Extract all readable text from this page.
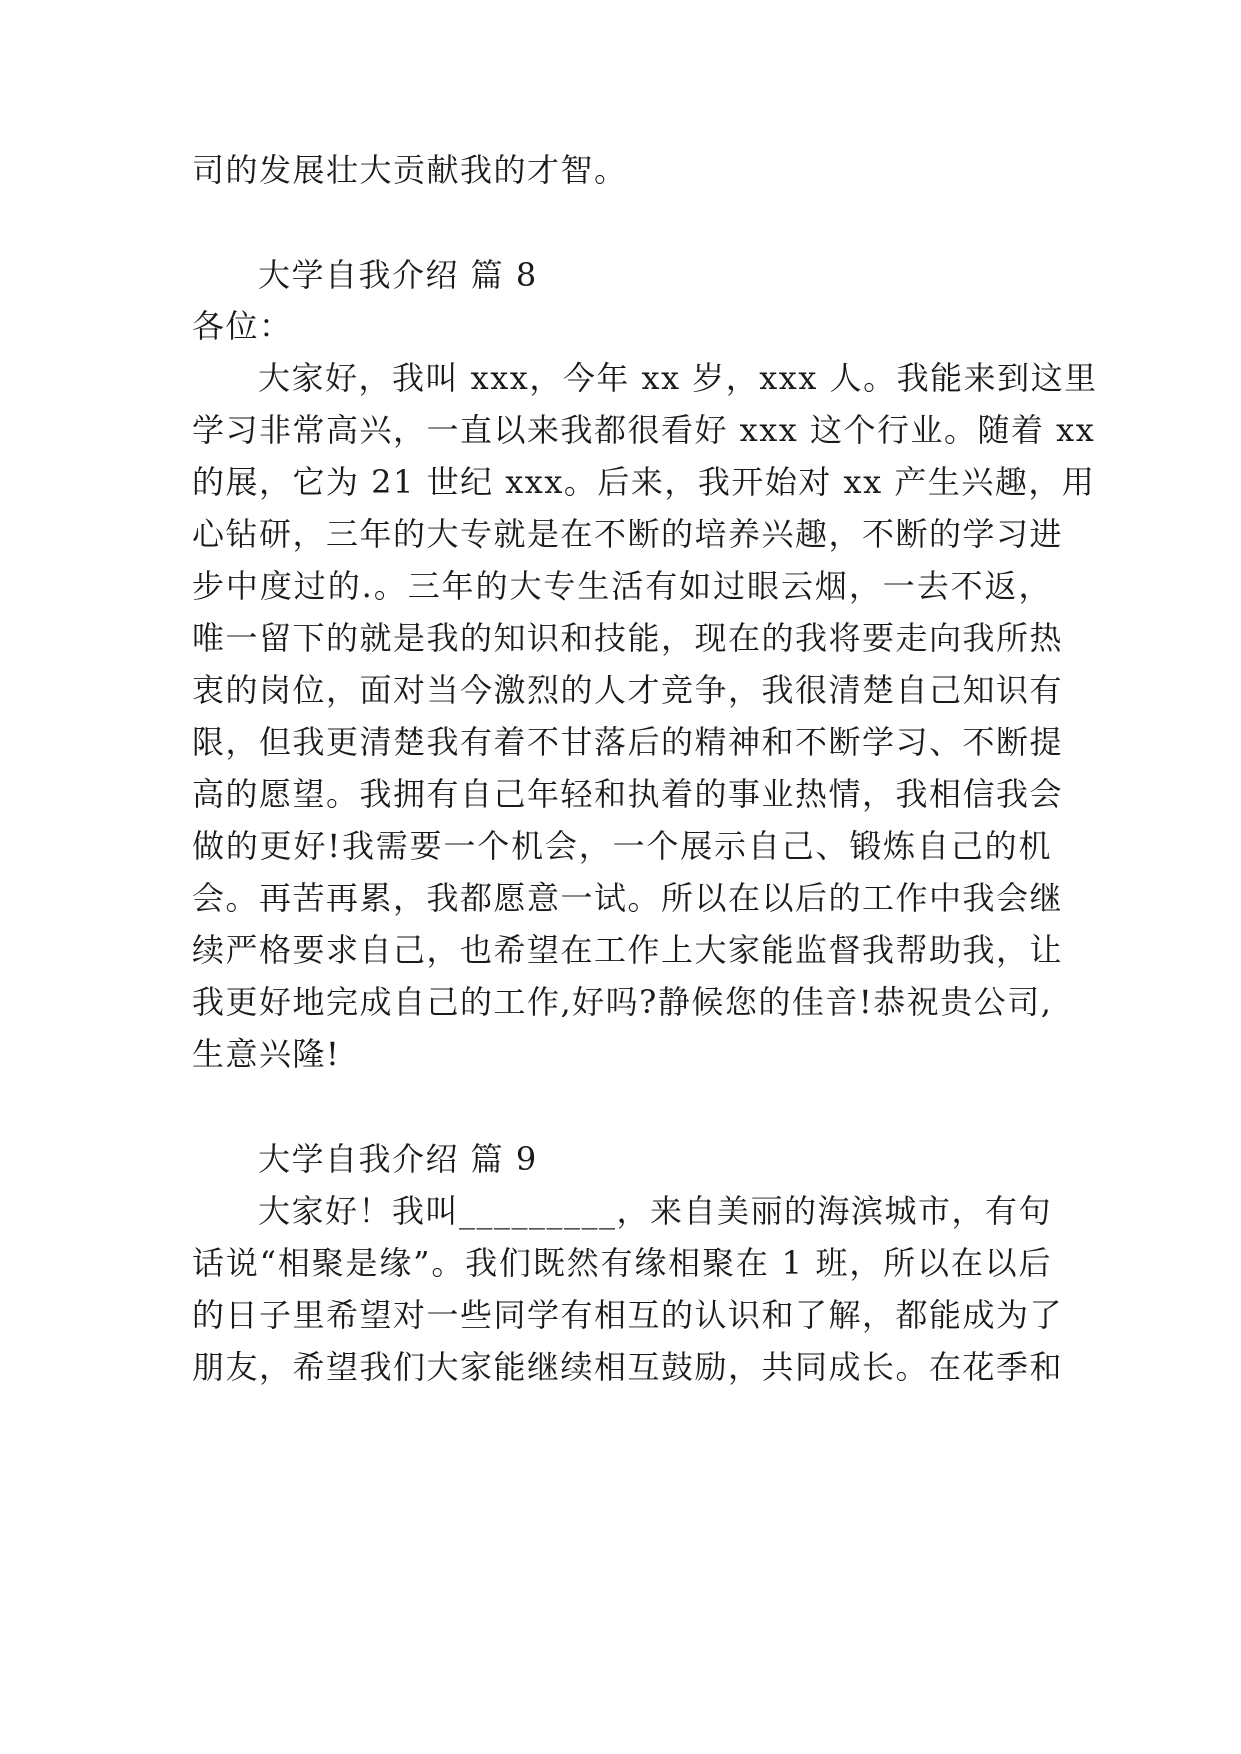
司的发展壮大贡献我的才智。
大学自我介绍 篇 8
各位：
大家好，我叫 xxx，今年 xx 岁，xxx 人。我能来到这里
学习非常高兴，一直以来我都很看好 xxx 这个行业。随着 xx
的展，它为 21 世纪 xxx。后来，我开始对 xx 产生兴趣，用
心钻研，三年的大专就是在不断的培养兴趣，不断的学习进
步中度过的.。三年的大专生活有如过眼云烟，一去不返，
唯一留下的就是我的知识和技能，现在的我将要走向我所热
衷的岗位，面对当今激烈的人才竞争，我很清楚自己知识有
限，但我更清楚我有着不甘落后的精神和不断学习、不断提
高的愿望。我拥有自己年轻和执着的事业热情，我相信我会
做的更好!我需要一个机会，一个展示自己、锻炼自己的机
会。再苦再累，我都愿意一试。所以在以后的工作中我会继
续严格要求自己，也希望在工作上大家能监督我帮助我，让
我更好地完成自己的工作,好吗?静候您的佳音!恭祝贵公司,
生意兴隆!
大学自我介绍 篇 9
大家好！我叫_________，来自美丽的海滨城市，有句
话说“相聚是缘”。我们既然有缘相聚在 1 班，所以在以后
的日子里希望对一些同学有相互的认识和了解，都能成为了
朋友，希望我们大家能继续相互鼓励，共同成长。在花季和
